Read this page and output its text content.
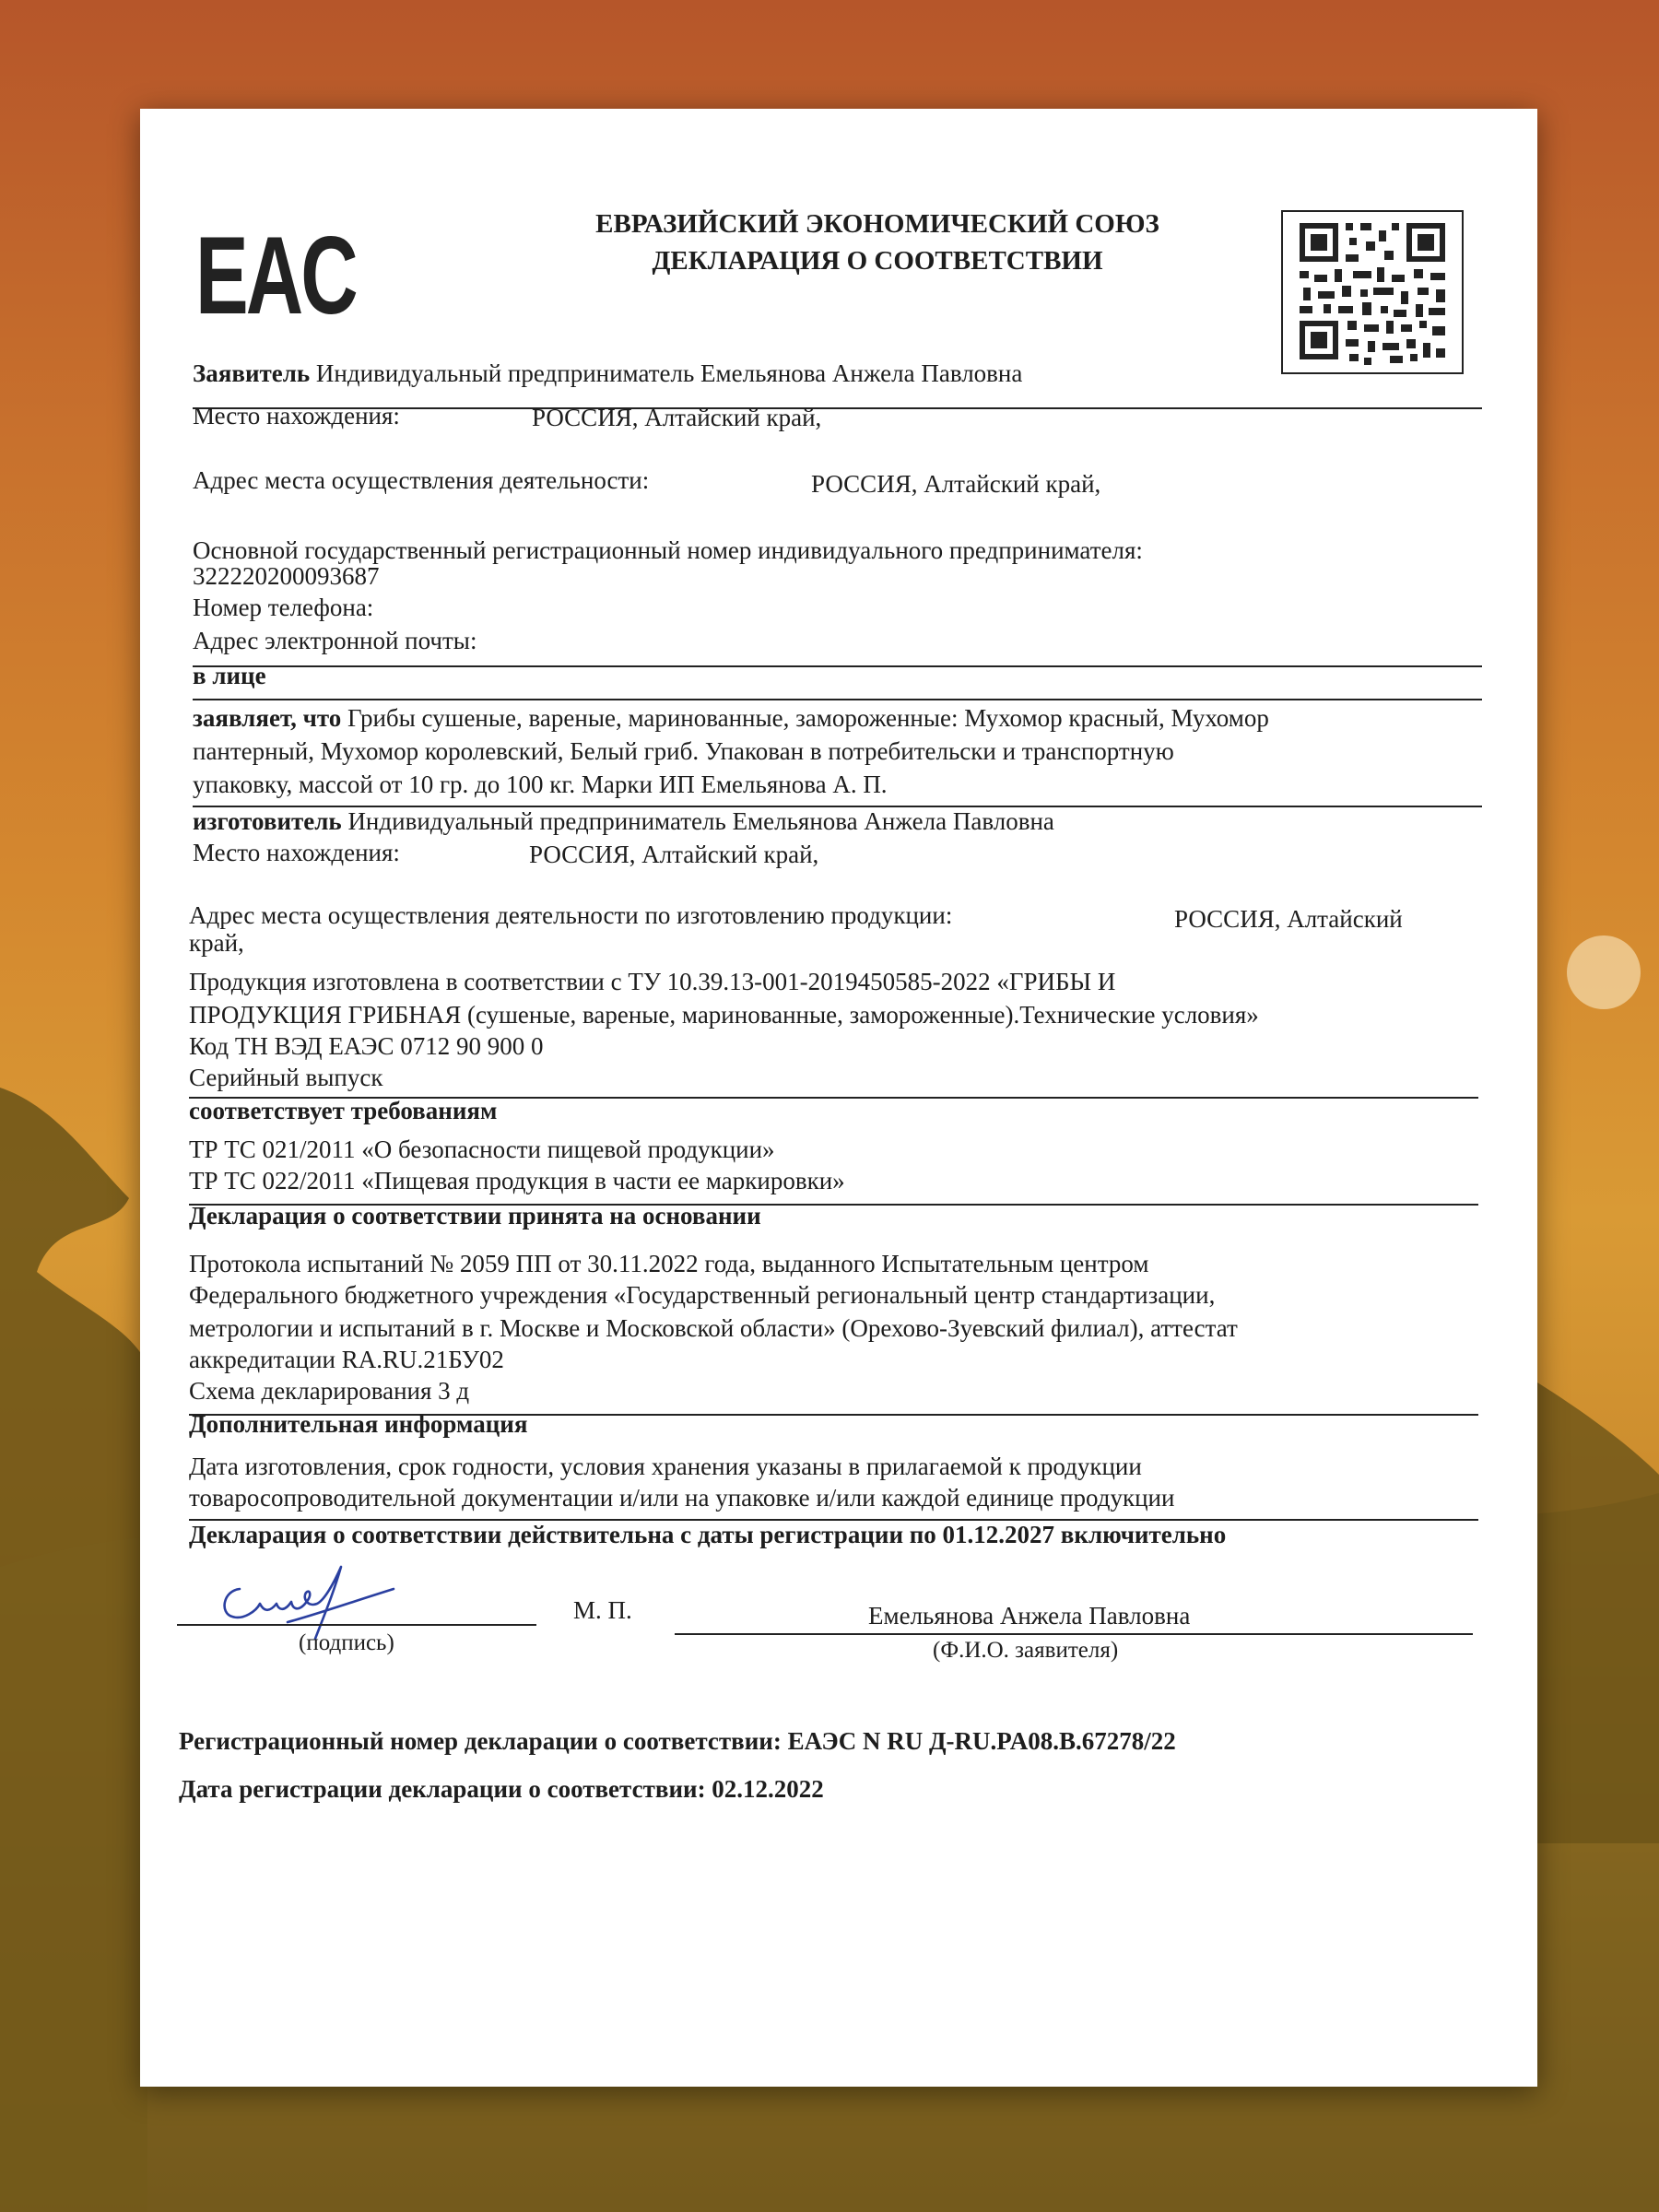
EAC	ЕВРАЗИЙСКИЙ ЭКОНОМИЧЕСКИЙ СОЮЗ
ДЕКЛАРАЦИЯ О СООТВЕТСТВИИ
Заявитель Индивидуальный предприниматель Емельянова Анжела Павловна
Место нахождения:	РОССИЯ, Алтайский край,
Адрес места осуществления деятельности:	РОССИЯ, Алтайский край,
Основной государственный регистрационный номер индивидуального предпринимателя:
322220200093687
Номер телефона:
Адрес электронной почты:
в лице
заявляет, что Грибы сушеные, вареные, маринованные, замороженные: Мухомор красный, Мухомор
пантерный, Мухомор королевский, Белый гриб. Упакован в потребительски и транспортную
упаковку, массой от 10 гр. до 100 кг. Марки ИП Емельянова А. П.
изготовитель Индивидуальный предприниматель Емельянова Анжела Павловна
Место нахождения:	РОССИЯ, Алтайский край,
Адрес места осуществления деятельности по изготовлению продукции:	РОССИЯ, Алтайский
край,
Продукция изготовлена в соответствии с ТУ 10.39.13-001-2019450585-2022 «ГРИБЫ И
ПРОДУКЦИЯ ГРИБНАЯ (сушеные, вареные, маринованные, замороженные).Технические условия»
Код ТН ВЭД ЕАЭС 0712 90 900 0
Серийный выпуск
соответствует требованиям
ТР ТС 021/2011 «О безопасности пищевой продукции»
ТР ТС 022/2011 «Пищевая продукция в части ее маркировки»
Декларация о соответствии принята на основании
Протокола испытаний № 2059 ПП от 30.11.2022 года, выданного Испытательным центром
Федерального бюджетного учреждения «Государственный региональный центр стандартизации,
метрологии и испытаний в г. Москве и Московской области» (Орехово-Зуевский филиал), аттестат
аккредитации RA.RU.21БУ02
Схема декларирования 3 д
Дополнительная информация
Дата изготовления, срок годности, условия хранения указаны в прилагаемой к продукции
товаросопроводительной документации и/или на упаковке и/или каждой единице продукции
Декларация о соответствии действительна с даты регистрации по 01.12.2027 включительно
(подпись)
М. П.	Емельянова Анжела Павловна
(Ф.И.О. заявителя)
Регистрационный номер декларации о соответствии: ЕАЭС N RU Д-RU.PA08.B.67278/22
Дата регистрации декларации о соответствии: 02.12.2022
